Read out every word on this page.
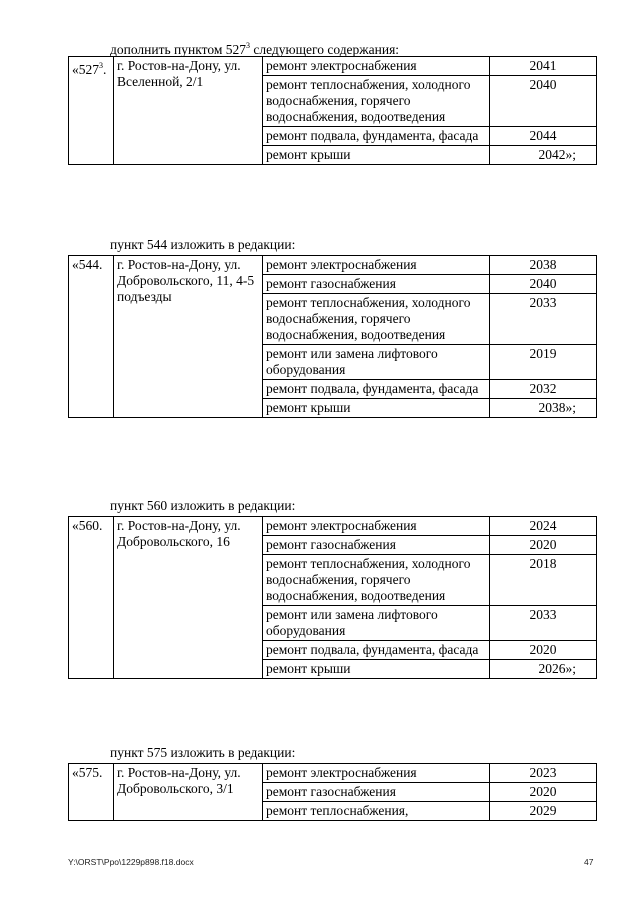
дополнить пунктом $527^3$ следующего содержания:
«$527^3$.	г. Ростов-на-Дону, ул. Вселенной, 2/1	ремонт электроснабжения	2041
		ремонт теплоснабжения, холодного водоснабжения, горячего водоснабжения, водоотведения	2040
		ремонт подвала, фундамента, фасада	2044
		ремонт крыши	2042»;
пункт 544 изложить в редакции:
«544.	г. Ростов-на-Дону, ул. Добровольского, 11, 4-5 подъезды	ремонт электроснабжения	2038
		ремонт газоснабжения	2040
		ремонт теплоснабжения, холодного водоснабжения, горячего водоснабжения, водоотведения	2033
		ремонт или замена лифтового оборудования	2019
		ремонт подвала, фундамента, фасада	2032
		ремонт крыши	2038»;
пункт 560 изложить в редакции:
«560.	г. Ростов-на-Дону, ул. Добровольского, 16	ремонт электроснабжения	2024
		ремонт газоснабжения	2020
		ремонт теплоснабжения, холодного водоснабжения, горячего водоснабжения, водоотведения	2018
		ремонт или замена лифтового оборудования	2033
		ремонт подвала, фундамента, фасада	2020
		ремонт крыши	2026»;
пункт 575 изложить в редакции:
«575.	г. Ростов-на-Дону, ул. Добровольского, 3/1	ремонт электроснабжения	2023
		ремонт газоснабжения	2020
		ремонт теплоснабжения,	2029
Y:\ORST\Ppo\1229p898.f18.docx	47
